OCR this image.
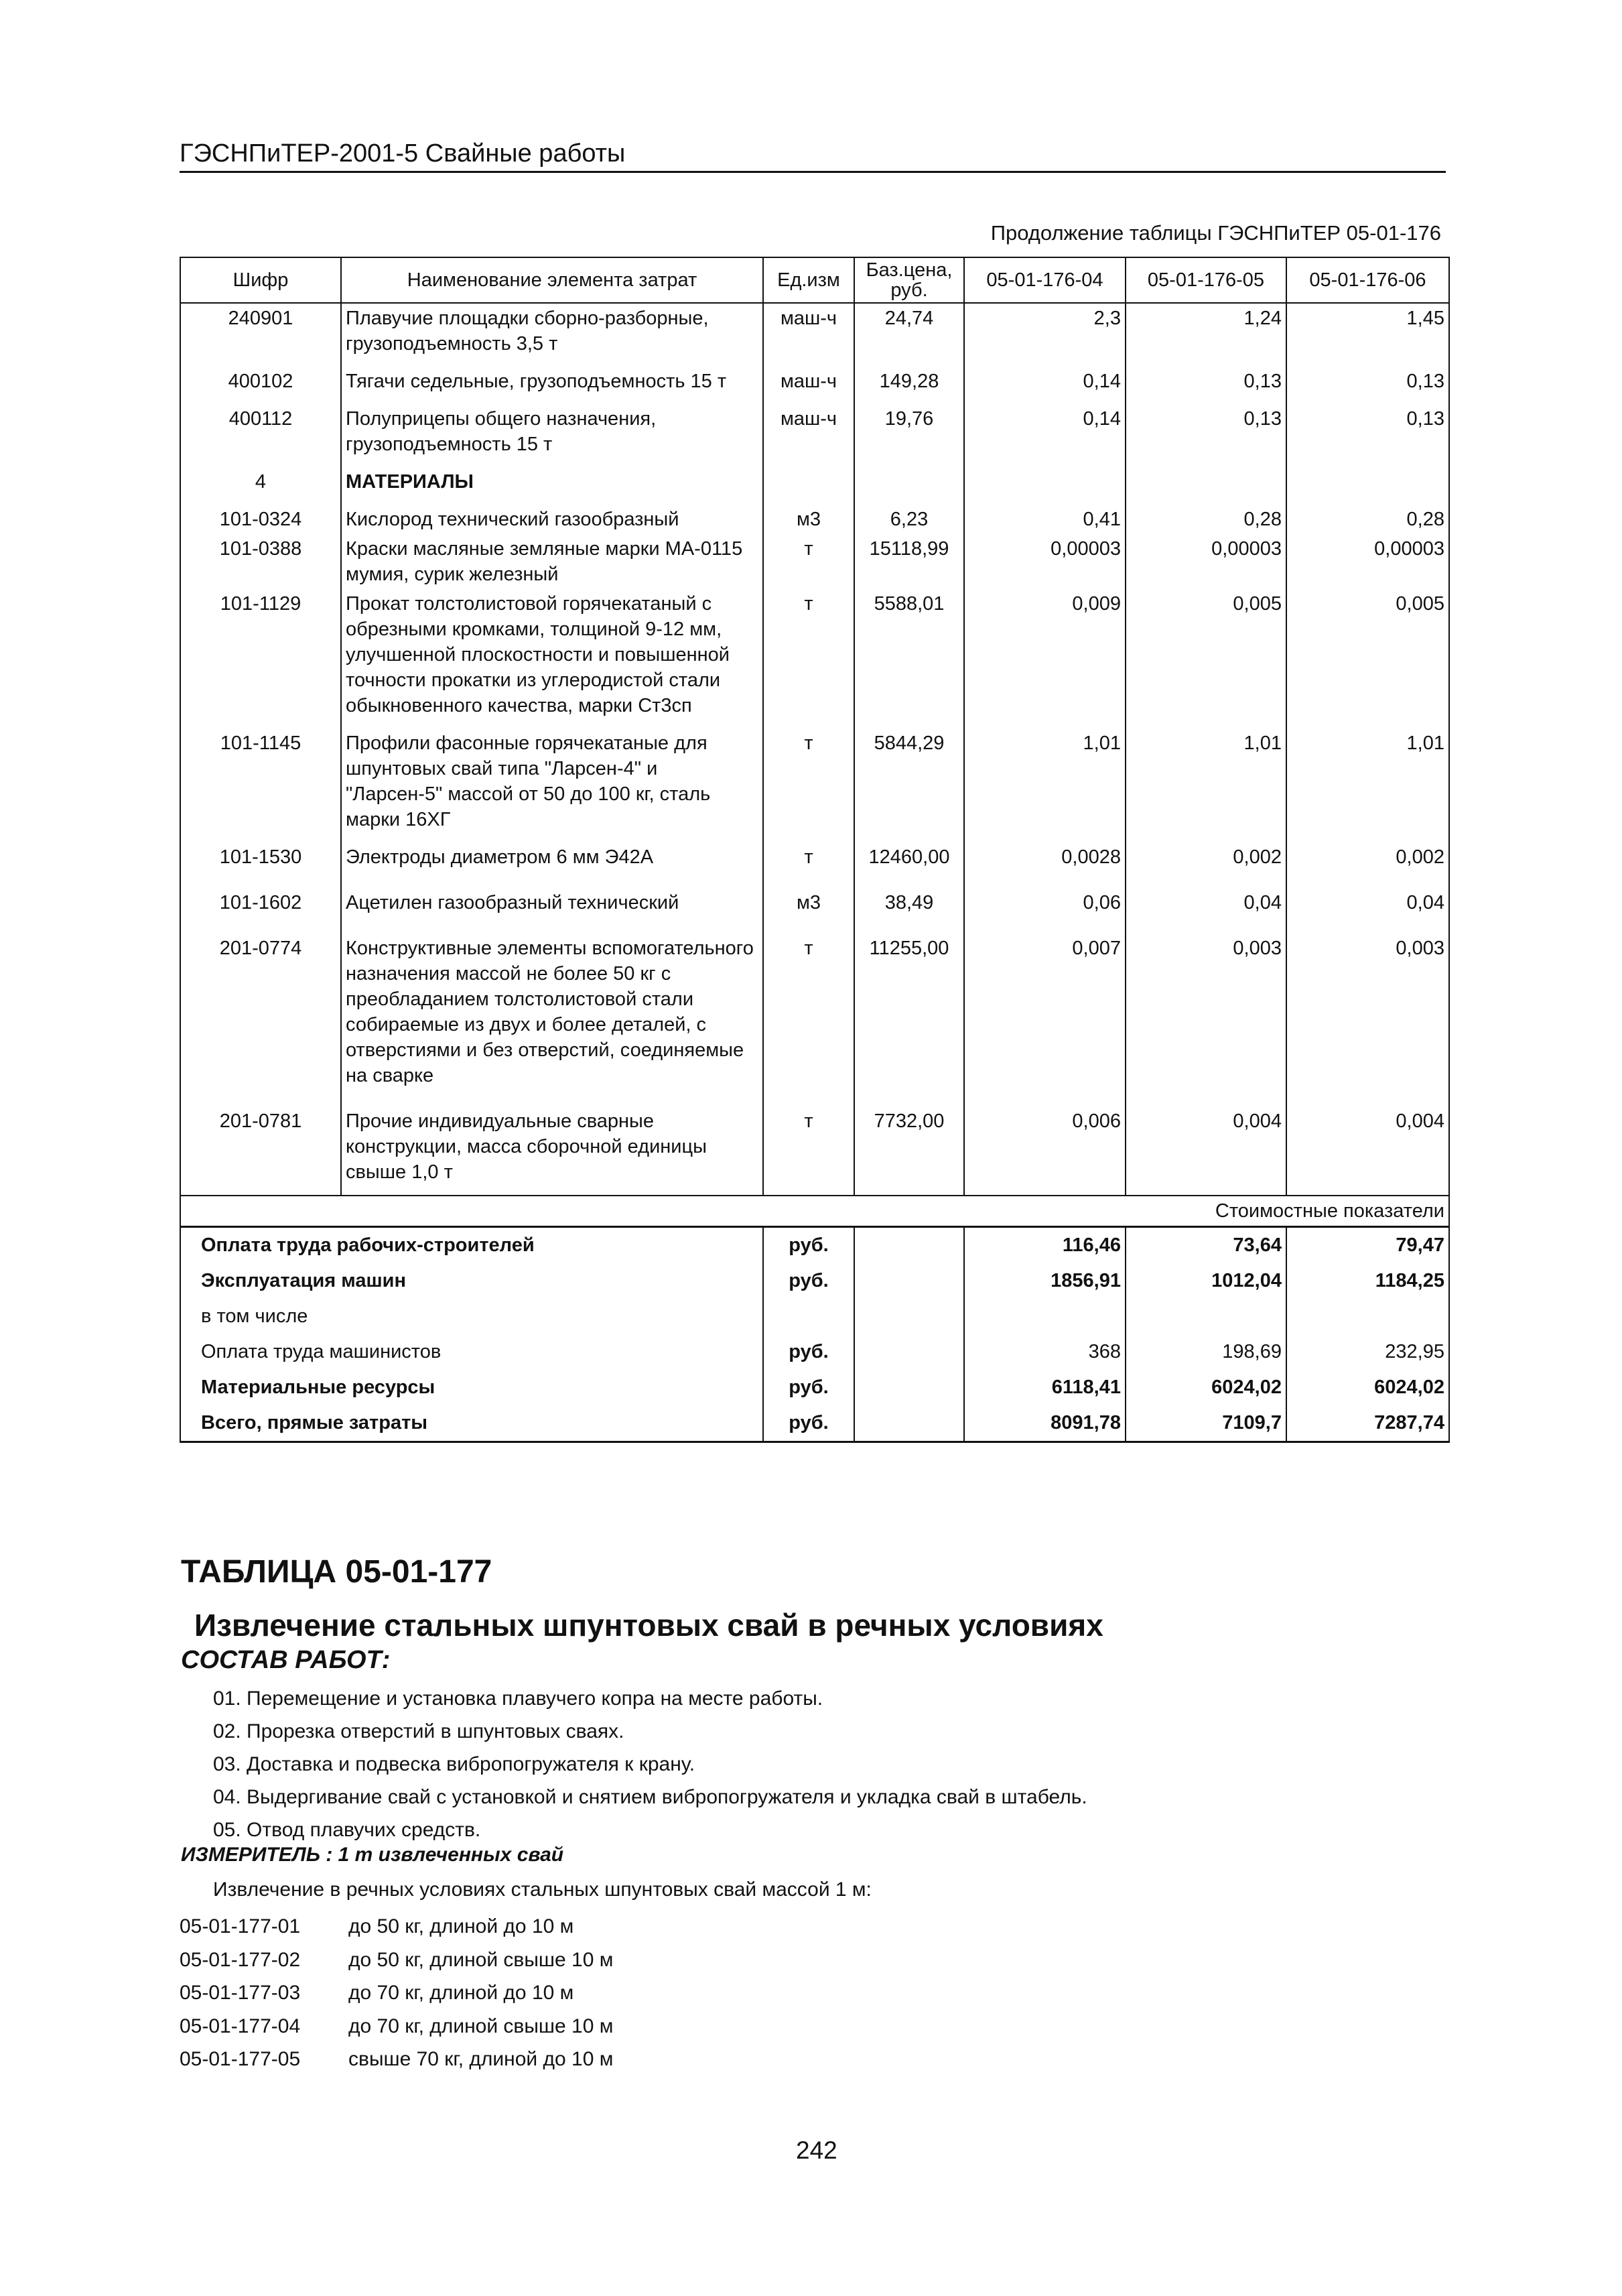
ГЭСНПиТЕР-2001-5 Свайные работы
Продолжение таблицы ГЭСНПиТЕР 05-01-176
Шифр	Наименование элемента затрат	Ед.изм	Баз.цена, руб.	05-01-176-04	05-01-176-05	05-01-176-06
240901	Плавучие площадки сборно-разборные, грузоподъемность 3,5 т	маш-ч	24,74	2,3	1,24	1,45
400102	Тягачи седельные, грузоподъемность 15 т	маш-ч	149,28	0,14	0,13	0,13
400112	Полуприцепы общего назначения, грузоподъемность 15 т	маш-ч	19,76	0,14	0,13	0,13
4	МАТЕРИАЛЫ					
101-0324	Кислород технический газообразный	м3	6,23	0,41	0,28	0,28
101-0388	Краски масляные земляные марки МА-0115 мумия, сурик железный	т	15118,99	0,00003	0,00003	0,00003
101-1129	Прокат толстолистовой горячекатаный с обрезными кромками, толщиной 9-12 мм, улучшенной плоскостности и повышенной точности прокатки из углеродистой стали обыкновенного качества, марки Ст3сп	т	5588,01	0,009	0,005	0,005
101-1145	Профили фасонные горячекатаные для шпунтовых свай типа "Ларсен-4" и "Ларсен-5" массой от 50 до 100 кг, сталь марки 16ХГ	т	5844,29	1,01	1,01	1,01
101-1530	Электроды диаметром 6 мм Э42А	т	12460,00	0,0028	0,002	0,002
101-1602	Ацетилен газообразный технический	м3	38,49	0,06	0,04	0,04
201-0774	Конструктивные элементы вспомогательного назначения массой не более 50 кг с преобладанием толстолистовой стали собираемые из двух и более деталей, с отверстиями и без отверстий, соединяемые на сварке	т	11255,00	0,007	0,003	0,003
201-0781	Прочие индивидуальные сварные конструкции, масса сборочной единицы свыше 1,0 т	т	7732,00	0,006	0,004	0,004
Стоимостные показатели						
Оплата труда рабочих-строителей		руб.		116,46	73,64	79,47
Эксплуатация машин		руб.		1856,91	1012,04	1184,25
в том числе						
Оплата труда машинистов		руб.		368	198,69	232,95
Материальные ресурсы		руб.		6118,41	6024,02	6024,02
Всего, прямые затраты		руб.		8091,78	7109,7	7287,74
ТАБЛИЦА 05-01-177
Извлечение стальных шпунтовых свай в речных условиях
СОСТАВ РАБОТ:
01. Перемещение и установка плавучего копра на месте работы.
02. Прорезка отверстий в шпунтовых сваях.
03. Доставка и подвеска вибропогружателя к крану.
04. Выдергивание свай с установкой и снятием вибропогружателя и укладка свай в штабель.
05. Отвод плавучих средств.
ИЗМЕРИТЕЛЬ : 1 т извлеченных свай
Извлечение в речных условиях стальных шпунтовых свай массой 1 м:
05-01-177-01 до 50 кг, длиной до 10 м
05-01-177-02 до 50 кг, длиной свыше 10 м
05-01-177-03 до 70 кг, длиной до 10 м
05-01-177-04 до 70 кг, длиной свыше 10 м
05-01-177-05 свыше 70 кг, длиной до 10 м
242
